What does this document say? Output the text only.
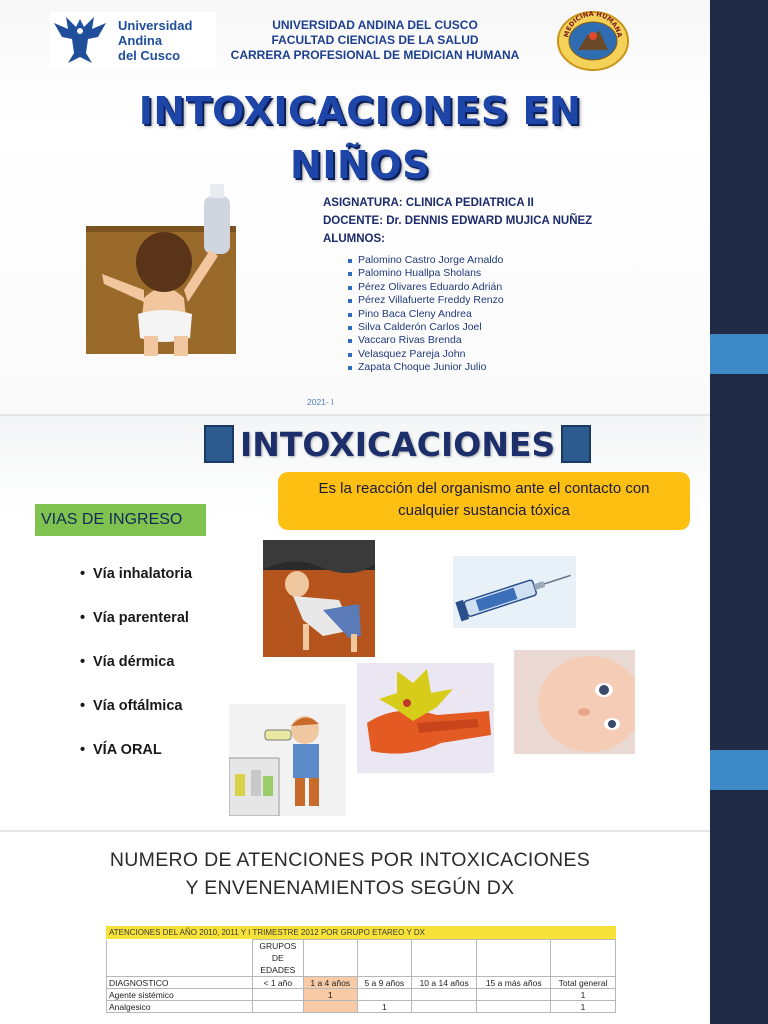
Universidad
Andina
del Cusco
UNIVERSIDAD ANDINA DEL CUSCO
FACULTAD CIENCIAS DE LA SALUD
CARRERA PROFESIONAL DE MEDICIAN HUMANA
MEDICINA HUMANA
INTOXICACIONES EN
NIÑOS
ASIGNATURA: CLINICA PEDIATRICA II
DOCENTE: Dr. DENNIS EDWARD MUJICA NUÑEZ
ALUMNOS:
Palomino Castro Jorge Arnaldo
Palomino Huallpa Sholans
Pérez Olivares Eduardo Adrián
Pérez Villafuerte Freddy Renzo
Pino Baca Cleny Andrea
Silva Calderón Carlos Joel
Vaccaro Rivas Brenda
Velasquez Pareja John
Zapata Choque Junior Julio
2021- I
INTOXICACIONES
Es la reacción del organismo ante el contacto con
cualquier sustancia tóxica
VIAS DE INGRESO
• Vía inhalatoria
• Vía parenteral
• Vía dérmica
• Vía oftálmica
• VÍA ORAL
NUMERO DE ATENCIONES POR INTOXICACIONES
Y ENVENENAMIENTOS SEGÚN DX
ATENCIONES DEL AÑO 2010, 2011 Y I TRIMESTRE 2012 POR GRUPO ETAREO Y DX

	GRUPOS
DE
EDADES					

DIAGNOSTICO	< 1 año	1 a 4 años	5 a 9 años	10 a 14 años	15 a más años	Total general
Agente sistémico		1				1
Analgesico			1			1
